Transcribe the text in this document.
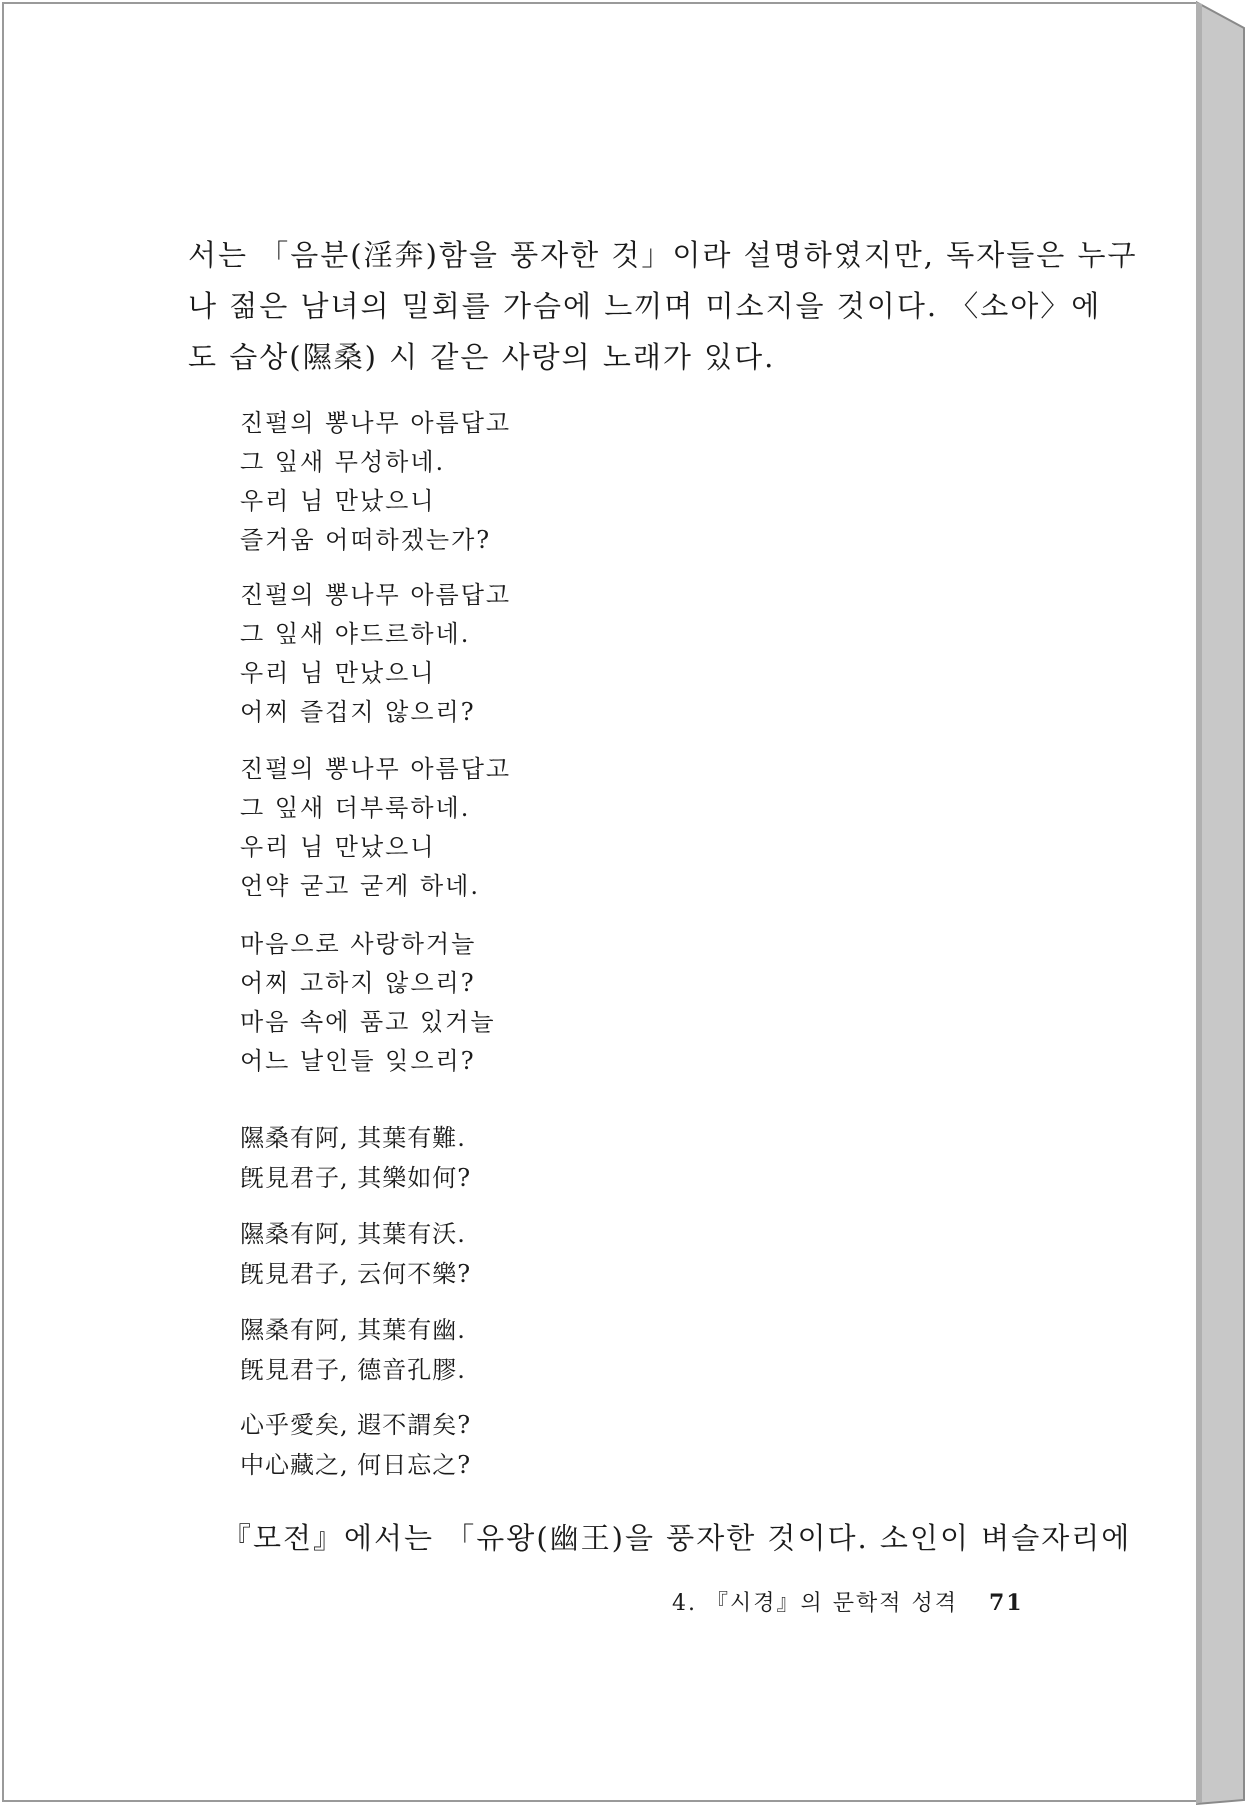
서는 「음분(淫奔)함을 풍자한 것」이라 설명하였지만, 독자들은 누구
나 젊은 남녀의 밀회를 가슴에 느끼며 미소지을 것이다. 〈소아〉에
도 습상(隰桑) 시 같은 사랑의 노래가 있다.

진펄의 뽕나무 아름답고
그 잎새 무성하네.
우리 님 만났으니
즐거움 어떠하겠는가?
진펄의 뽕나무 아름답고
그 잎새 야드르하네.
우리 님 만났으니
어찌 즐겁지 않으리?
진펄의 뽕나무 아름답고
그 잎새 더부룩하네.
우리 님 만났으니
언약 굳고 굳게 하네.
마음으로 사랑하거늘
어찌 고하지 않으리?
마음 속에 품고 있거늘
어느 날인들 잊으리?
隰桑有阿, 其葉有難.
旣見君子, 其樂如何?
隰桑有阿, 其葉有沃.
旣見君子, 云何不樂?
隰桑有阿, 其葉有幽.
旣見君子, 德音孔膠.
心乎愛矣, 遐不謂矣?
中心藏之, 何日忘之?

『모전』에서는 「유왕(幽王)을 풍자한 것이다. 소인이 벼슬자리에

4. 『시경』의 문학적 성격 71
